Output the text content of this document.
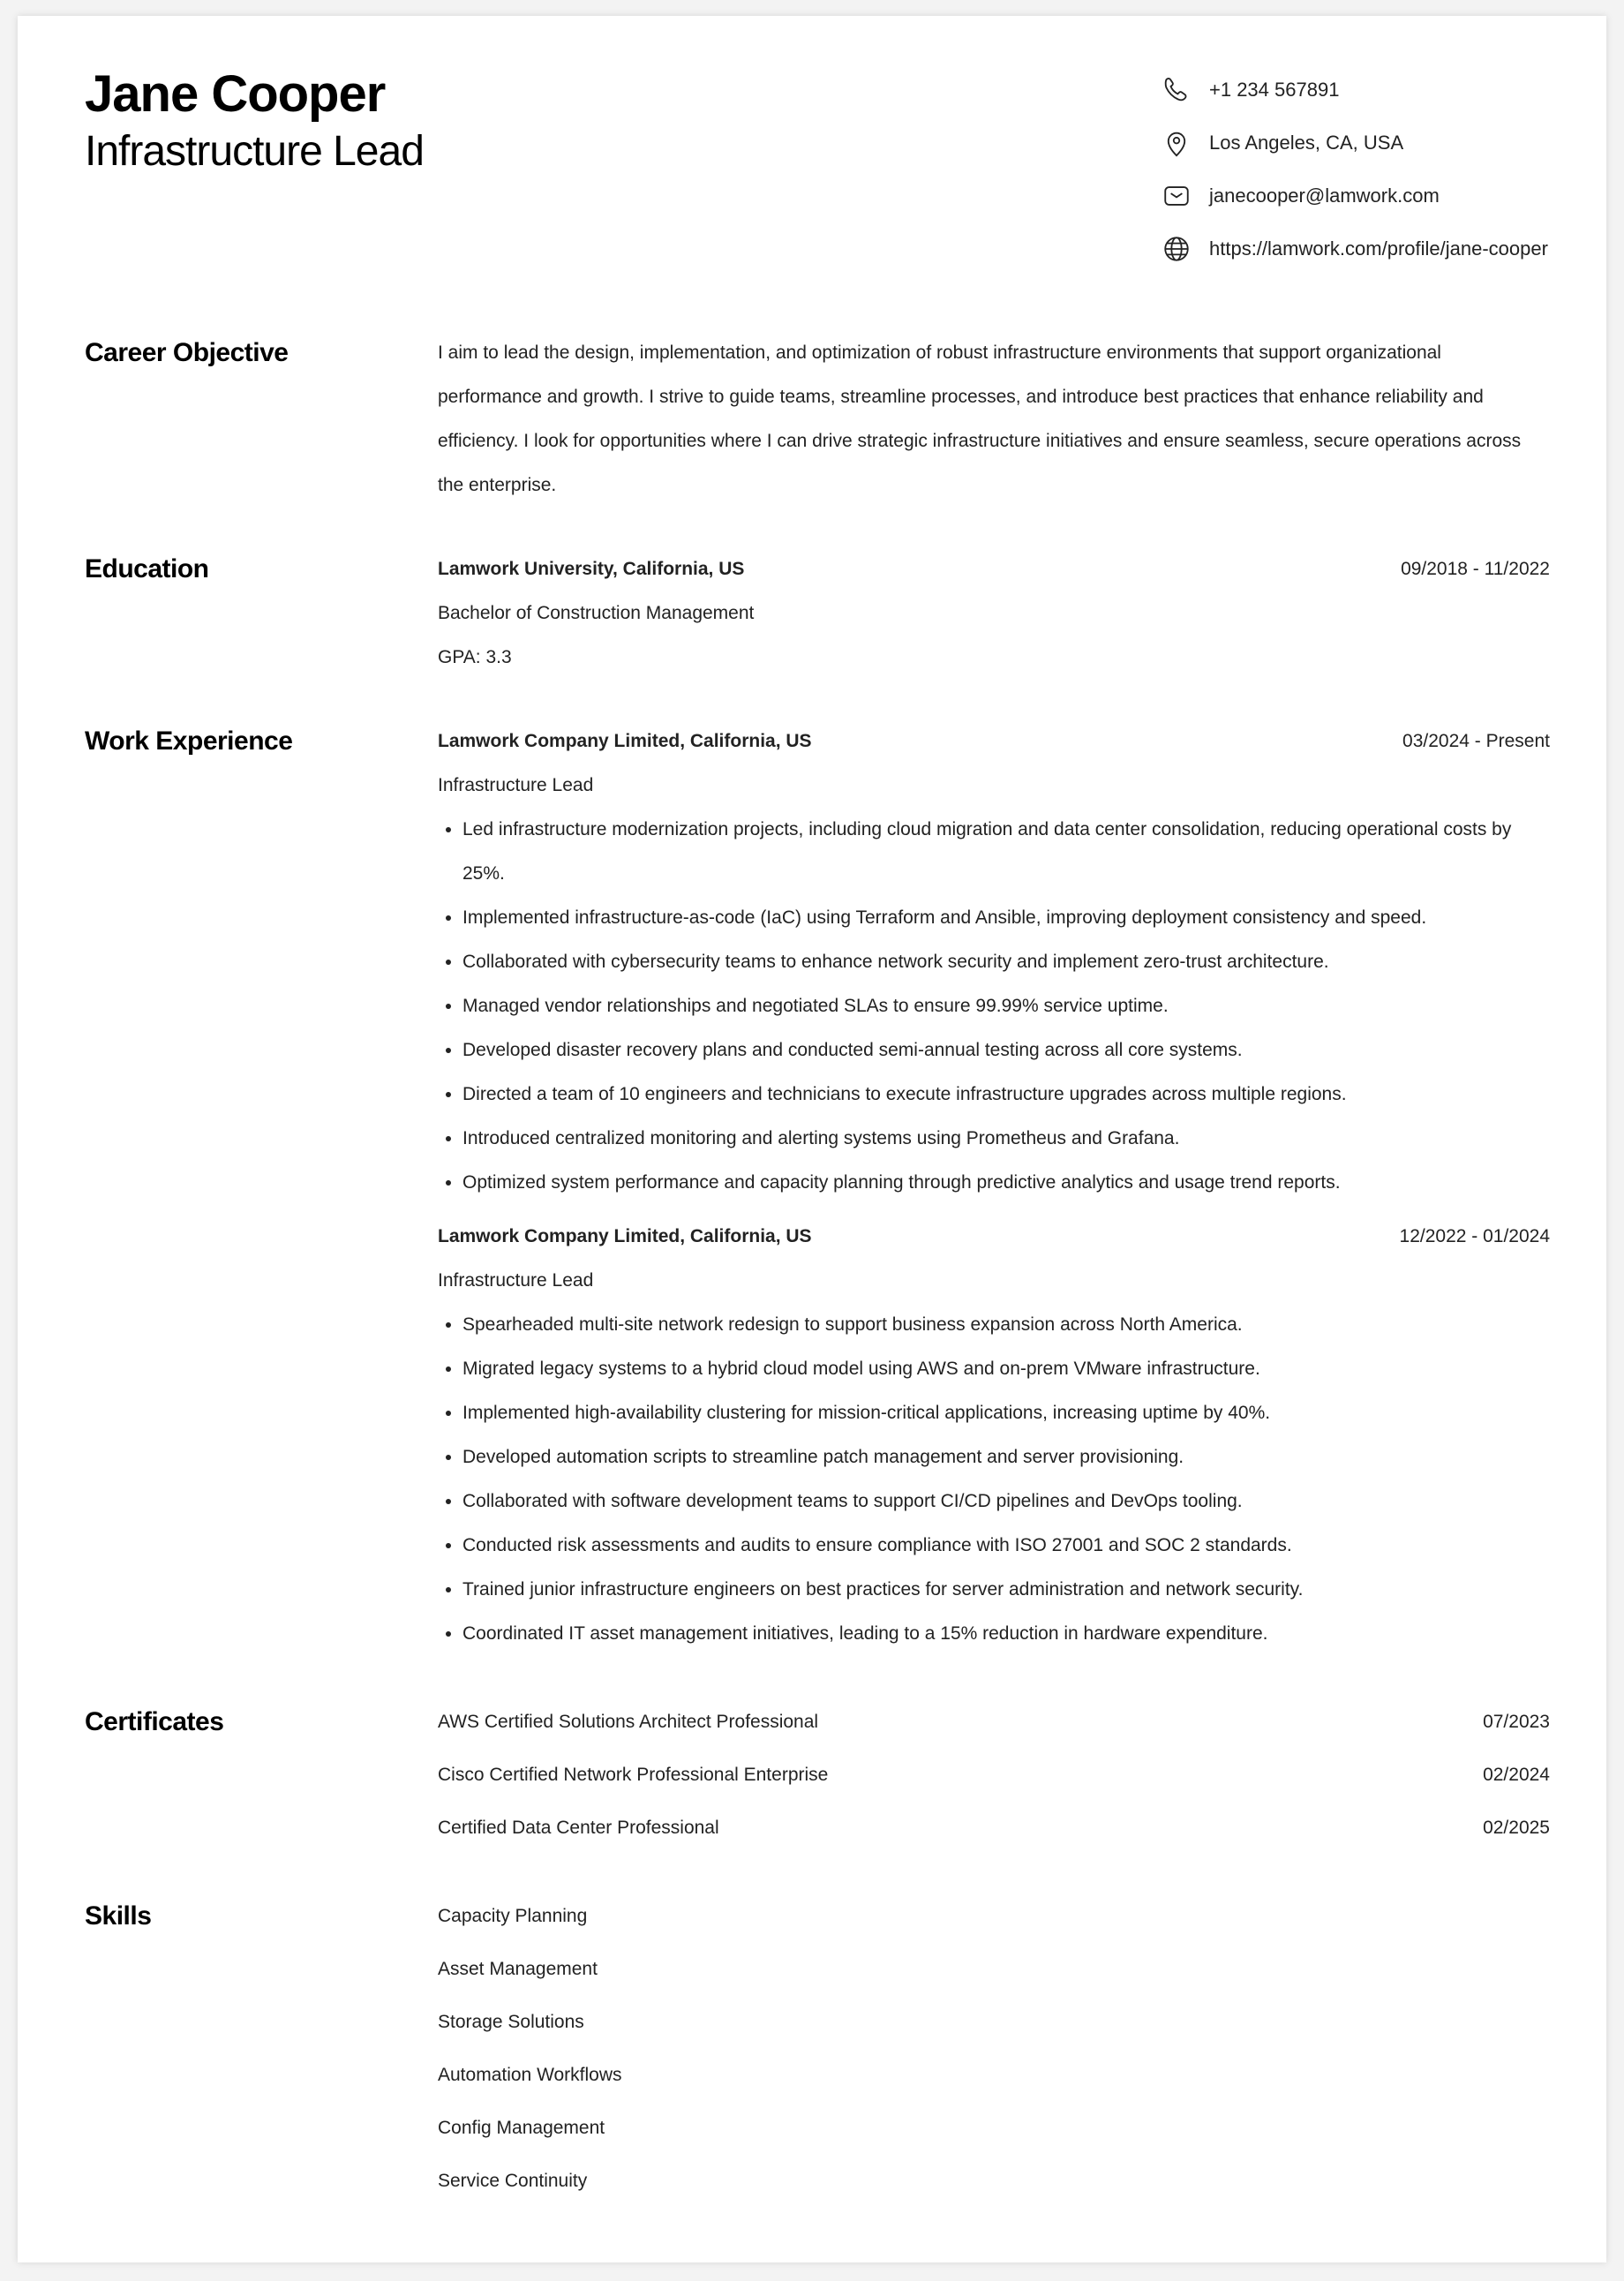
Jane Cooper
Infrastructure Lead
+1 234 567891
Los Angeles, CA, USA
janecooper@lamwork.com
https://lamwork.com/profile/jane-cooper
Career Objective	I aim to lead the design, implementation, and optimization of robust infrastructure environments that support organizational performance and growth. I strive to guide teams, streamline processes, and introduce best practices that enhance reliability and efficiency. I look for opportunities where I can drive strategic infrastructure initiatives and ensure seamless, secure operations across the enterprise.
Education	Lamwork University, California, US	09/2018 - 11/2022
Bachelor of Construction Management
GPA: 3.3
Work Experience	Lamwork Company Limited, California, US	03/2024 - Present
Infrastructure Lead
• Led infrastructure modernization projects, including cloud migration and data center consolidation, reducing operational costs by 25%.
• Implemented infrastructure-as-code (IaC) using Terraform and Ansible, improving deployment consistency and speed.
• Collaborated with cybersecurity teams to enhance network security and implement zero-trust architecture.
• Managed vendor relationships and negotiated SLAs to ensure 99.99% service uptime.
• Developed disaster recovery plans and conducted semi-annual testing across all core systems.
• Directed a team of 10 engineers and technicians to execute infrastructure upgrades across multiple regions.
• Introduced centralized monitoring and alerting systems using Prometheus and Grafana.
• Optimized system performance and capacity planning through predictive analytics and usage trend reports.
Lamwork Company Limited, California, US	12/2022 - 01/2024
Infrastructure Lead
• Spearheaded multi-site network redesign to support business expansion across North America.
• Migrated legacy systems to a hybrid cloud model using AWS and on-prem VMware infrastructure.
• Implemented high-availability clustering for mission-critical applications, increasing uptime by 40%.
• Developed automation scripts to streamline patch management and server provisioning.
• Collaborated with software development teams to support CI/CD pipelines and DevOps tooling.
• Conducted risk assessments and audits to ensure compliance with ISO 27001 and SOC 2 standards.
• Trained junior infrastructure engineers on best practices for server administration and network security.
• Coordinated IT asset management initiatives, leading to a 15% reduction in hardware expenditure.
Certificates	AWS Certified Solutions Architect Professional	07/2023
Cisco Certified Network Professional Enterprise	02/2024
Certified Data Center Professional	02/2025
Skills	Capacity Planning
Asset Management
Storage Solutions
Automation Workflows
Config Management
Service Continuity
